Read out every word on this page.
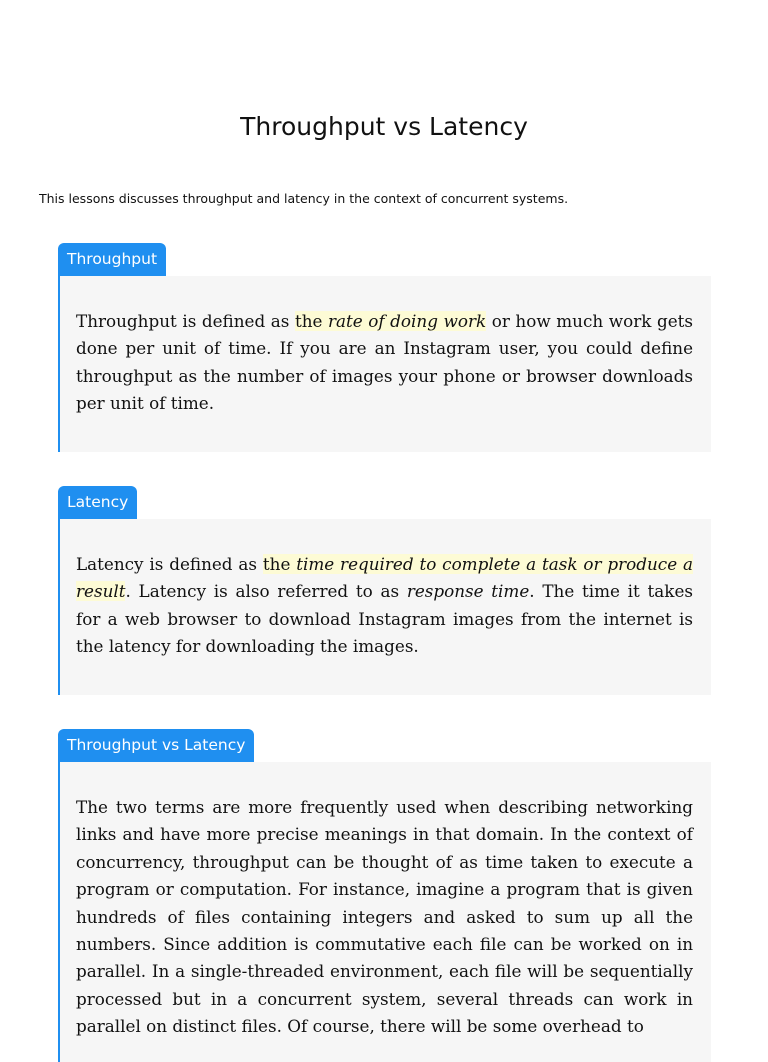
Throughput vs Latency
This lessons discusses throughput and latency in the context of concurrent systems.
Throughput

Throughput is defined as the rate of doing work or how much work gets done per unit of time. If you are an Instagram user, you could define throughput as the number of images your phone or browser downloads per unit of time.

Latency

Latency is defined as the time required to complete a task or produce a result. Latency is also referred to as response time. The time it takes for a web browser to download Instagram images from the internet is the latency for downloading the images.

Throughput vs Latency

The two terms are more frequently used when describing networking links and have more precise meanings in that domain. In the context of concurrency, throughput can be thought of as time taken to execute a program or computation. For instance, imagine a program that is given hundreds of files containing integers and asked to sum up all the numbers. Since addition is commutative each file can be worked on in parallel. In a single-threaded environment, each file will be sequentially processed but in a concurrent system, several threads can work in parallel on distinct files. Of course, there will be some overhead to
